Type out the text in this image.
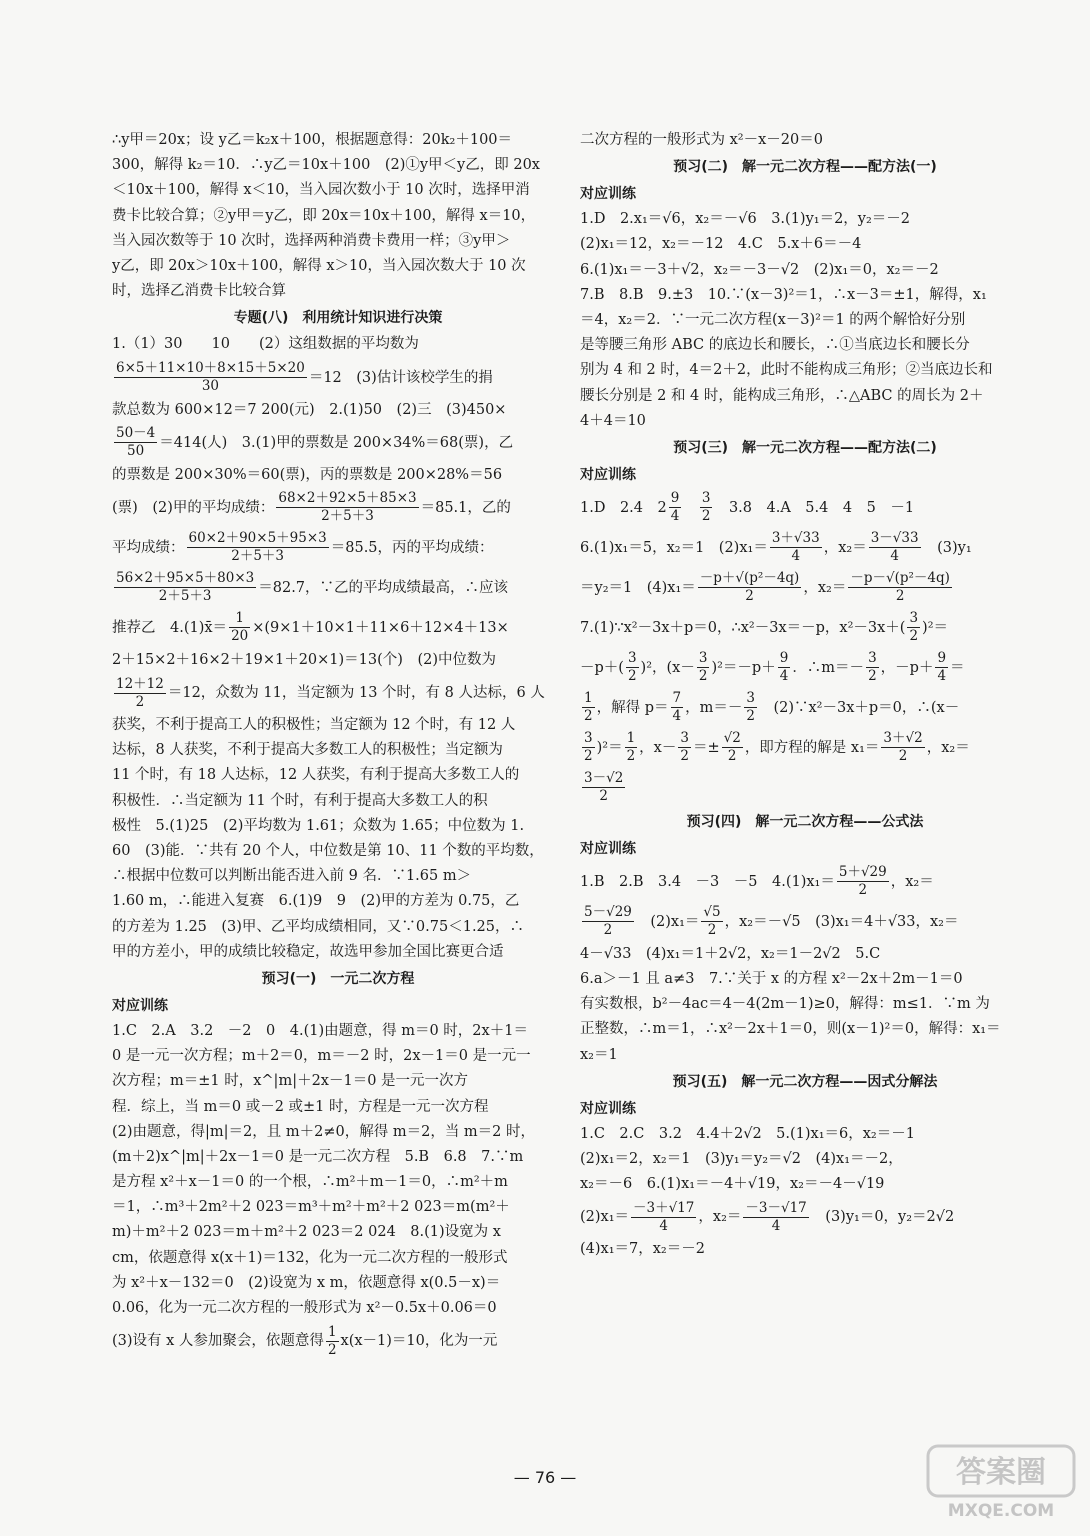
∴y甲＝20x；设 y乙＝k₂x＋100，根据题意得：20k₂＋100＝
300，解得 k₂＝10．∴y乙＝10x＋100　(2)①y甲＜y乙，即 20x
＜10x＋100，解得 x＜10，当入园次数小于 10 次时，选择甲消
费卡比较合算；②y甲＝y乙，即 20x＝10x＋100，解得 x＝10，
当入园次数等于 10 次时，选择两种消费卡费用一样；③y甲＞
y乙，即 20x＞10x＋100，解得 x＞10，当入园次数大于 10 次
时，选择乙消费卡比较合算
专题(八)　利用统计知识进行决策
1.（1）30　　10　　(2）这组数据的平均数为
$\frac{6\times 5+11\times 10+8\times 15+5\times 20}{30} =12$　(3)估计该校学生的捐
款总数为 600×12＝7 200(元)　2.(1)50　(2)三　(3)450×
$\frac{50-4}{50} =414$(人)　3.(1)甲的票数是 200×34%＝68(票)，乙
的票数是 200×30%＝60(票)，丙的票数是 200×28%＝56
(票)　(2)甲的平均成绩： $\frac{68\times 2+92\times 5+85\times 3}{2+5+3} =85.1$，乙的
平均成绩： $\frac{60\times 2+90\times 5+95\times 3}{2+5+3} =85.5$，丙的平均成绩：
$\frac{56\times 2+95\times 5+80\times 3}{2+5+3} =82.7$，∵乙的平均成绩最高，∴应该
推荐乙　4.(1)x̄＝ $\frac{1}{20} \times(9\times 1+10\times 1+11\times 6+12\times 4+13\times$
2＋15×2＋16×2＋19×1＋20×1)＝13(个)　(2)中位数为
$\frac{12+12}{2} =12$，众数为 11，当定额为 13 个时，有 8 人达标，6 人
获奖，不利于提高工人的积极性；当定额为 12 个时，有 12 人
达标，8 人获奖，不利于提高大多数工人的积极性；当定额为
11 个时，有 18 人达标，12 人获奖，有利于提高大多数工人的
积极性．∴当定额为 11 个时，有利于提高大多数工人的积
极性　5.(1)25　(2)平均数为 1.61；众数为 1.65；中位数为 1.
60　(3)能．∵共有 20 个人，中位数是第 10、11 个数的平均数，
∴根据中位数可以判断出能否进入前 9 名．∵1.65 m＞
1.60 m，∴能进入复赛　6.(1)9　9　(2)甲的方差为 0.75，乙
的方差为 1.25　(3)甲、乙平均成绩相同，又∵0.75＜1.25，∴
甲的方差小，甲的成绩比较稳定，故选甲参加全国比赛更合适
预习(一)　一元二次方程
对应训练
1.C　2.A　3.2　－2　0　4.(1)由题意，得 m＝0 时，2x＋1＝
0 是一元一次方程；m＋2＝0，m＝－2 时，2x－1＝0 是一元一
次方程；m＝±1 时，x^|m|＋2x－1＝0 是一元一次方
程．综上，当 m＝0 或－2 或±1 时，方程是一元一次方程
(2)由题意，得|m|＝2，且 m＋2≠0，解得 m＝2，当 m＝2 时，
(m＋2)x^|m|＋2x－1＝0 是一元二次方程　5.B　6.8　7.∵m
是方程 x²＋x－1＝0 的一个根，∴m²＋m－1＝0，∴m²＋m
＝1，∴m³＋2m²＋2 023＝m³＋m²＋m²＋2 023＝m(m²＋
m)＋m²＋2 023＝m＋m²＋2 023＝2 024　8.(1)设宽为 x
cm，依题意得 x(x＋1)＝132，化为一元二次方程的一般形式
为 x²＋x－132＝0　(2)设宽为 x m，依题意得 x(0.5－x)＝
0.06，化为一元二次方程的一般形式为 x²－0.5x＋0.06＝0
(3)设有 x 人参加聚会，依题意得 $\frac{1}{2} x(x-1)=10$，化为一元
二次方程的一般形式为 x²－x－20＝0
预习(二)　解一元二次方程——配方法(一)
对应训练
1.D　2.x₁＝√6，x₂＝－√6　3.(1)y₁＝2，y₂＝－2
(2)x₁＝12，x₂＝－12　4.C　5.x＋6＝－4
6.(1)x₁＝－3＋√2，x₂＝－3－√2　(2)x₁＝0，x₂＝－2
7.B　8.B　9.±3　10.∵(x－3)²＝1，∴x－3＝±1，解得，x₁
＝4，x₂＝2．∵一元二次方程(x－3)²＝1 的两个解恰好分别
是等腰三角形 ABC 的底边长和腰长，∴①当底边长和腰长分
别为 4 和 2 时，4＝2＋2，此时不能构成三角形；②当底边长和
腰长分别是 2 和 4 时，能构成三角形，∴△ABC 的周长为 2＋
4＋4＝10
预习(三)　解一元二次方程——配方法(二)
对应训练
1.D　2.4　$2 \frac{9}{4}$
　 $\frac{3}{2}$
　 3.8　4.A　5.4　4　5　－1
6.(1)x₁＝5，x₂＝1　$(2)x_1= \frac{3+√33}{4}$ ，$x_2= \frac{3-√33}{4}$
　 (3)y₁
＝y₂＝1　$(4)x_1= \frac{\text{－p＋√(p²－4q)}}{2}$ ，$x_2= \frac{\text{－p－√(p²－4q)}}{2}$
7.(1)∵x²－3x＋p＝0，∴x²－3x＝－p，$x^2-3x+( \frac{3}{2} )^2=$
$-p+( \frac{3}{2} )^2$，$(x- \frac{3}{2} )^2=-p+ \frac{9}{4}$ ．∴m＝－ $\frac{3}{2}$ ，$-p+ \frac{9}{4}$ ＝
$\frac{1}{2}$ ，解得 $p= \frac{7}{4}$ ，$m=- \frac{3}{2}$
　 (2)∵x²－3x＋p＝0，∴(x－
$\frac{3}{2} )^2= \frac{1}{2}$ ，$x- \frac{3}{2} =\pm \frac{√2}{2}$ ，即方程的解是 $x_1= \frac{3+√2}{2}$ ，x₂＝
$\frac{3-√2}{2}$
预习(四)　解一元二次方程——公式法
对应训练
1.B　2.B　3.4　－3　－5　$4.(1)x_1= \frac{5+√29}{2}$ ，x₂＝
$\frac{5-√29}{2}$
　 $(2)x_1= \frac{√5}{2}$ ，x₂＝－√5　(3)x₁＝4＋√33，x₂＝
4－√33　(4)x₁＝1＋2√2，x₂＝1－2√2　5.C
6.a＞－1 且 a≠3　7.∵关于 x 的方程 x²－2x＋2m－1＝0
有实数根，b²－4ac＝4－4(2m－1)≥0，解得：m≤1．∵m 为
正整数，∴m＝1，∴x²－2x＋1＝0，则(x－1)²＝0，解得：x₁＝
x₂＝1
预习(五)　解一元二次方程——因式分解法
对应训练
1.C　2.C　3.2　4.4＋2√2　5.(1)x₁＝6，x₂＝－1
(2)x₁＝2，x₂＝1　(3)y₁＝y₂＝√2　(4)x₁＝－2，
x₂＝－6　6.(1)x₁＝－4＋√19，x₂＝－4－√19
$(2)x_1= \frac{-3+√17}{4}$ ，$x_2= \frac{-3-√17}{4}$
　 (3)y₁＝0，y₂＝2√2
(4)x₁＝7，x₂＝－2
— 76 —	答案圈
MXQE.COM
